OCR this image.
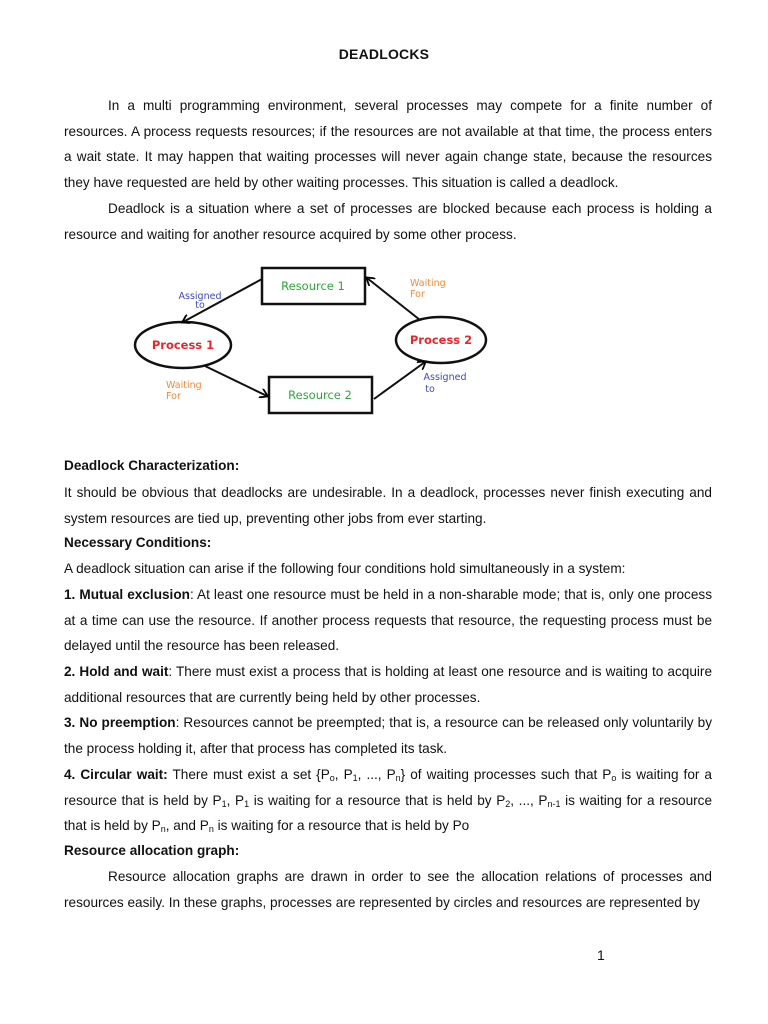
DEADLOCKS

In a multi programming environment, several processes may compete for a finite number of resources. A process requests resources; if the resources are not available at that time, the process enters a wait state. It may happen that waiting processes will never again change state, because the resources they have requested are held by other waiting processes. This situation is called a deadlock.

Deadlock is a situation where a set of processes are blocked because each process is holding a resource and waiting for another resource acquired by some other process.

Resource 1
Resource 2
Process 1	Process 2
Assigned
to
Waiting
For
Waiting
For
Assigned
to
Deadlock Characterization:

It should be obvious that deadlocks are undesirable. In a deadlock, processes never finish executing and system resources are tied up, preventing other jobs from ever starting.

Necessary Conditions:

A deadlock situation can arise if the following four conditions hold simultaneously in a system:

1. Mutual exclusion: At least one resource must be held in a non-sharable mode; that is, only one process at a time can use the resource. If another process requests that resource, the requesting process must be delayed until the resource has been released.

2. Hold and wait: There must exist a process that is holding at least one resource and is waiting to acquire additional resources that are currently being held by other processes.

3. No preemption: Resources cannot be preempted; that is, a resource can be released only voluntarily by the process holding it, after that process has completed its task.

4. Circular wait: There must exist a set {$P_o$, $P_1$, ..., $P_n$} of waiting processes such that $P_o$ is waiting for a resource that is held by $P_1$, $P_1$ is waiting for a resource that is held by $P_2$, ..., $P_{n-1}$ is waiting for a resource that is held by $P_n$, and $P_n$ is waiting for a resource that is held by Po

Resource allocation graph:

Resource allocation graphs are drawn in order to see the allocation relations of processes and resources easily. In these graphs, processes are represented by circles and resources are represented by

1
